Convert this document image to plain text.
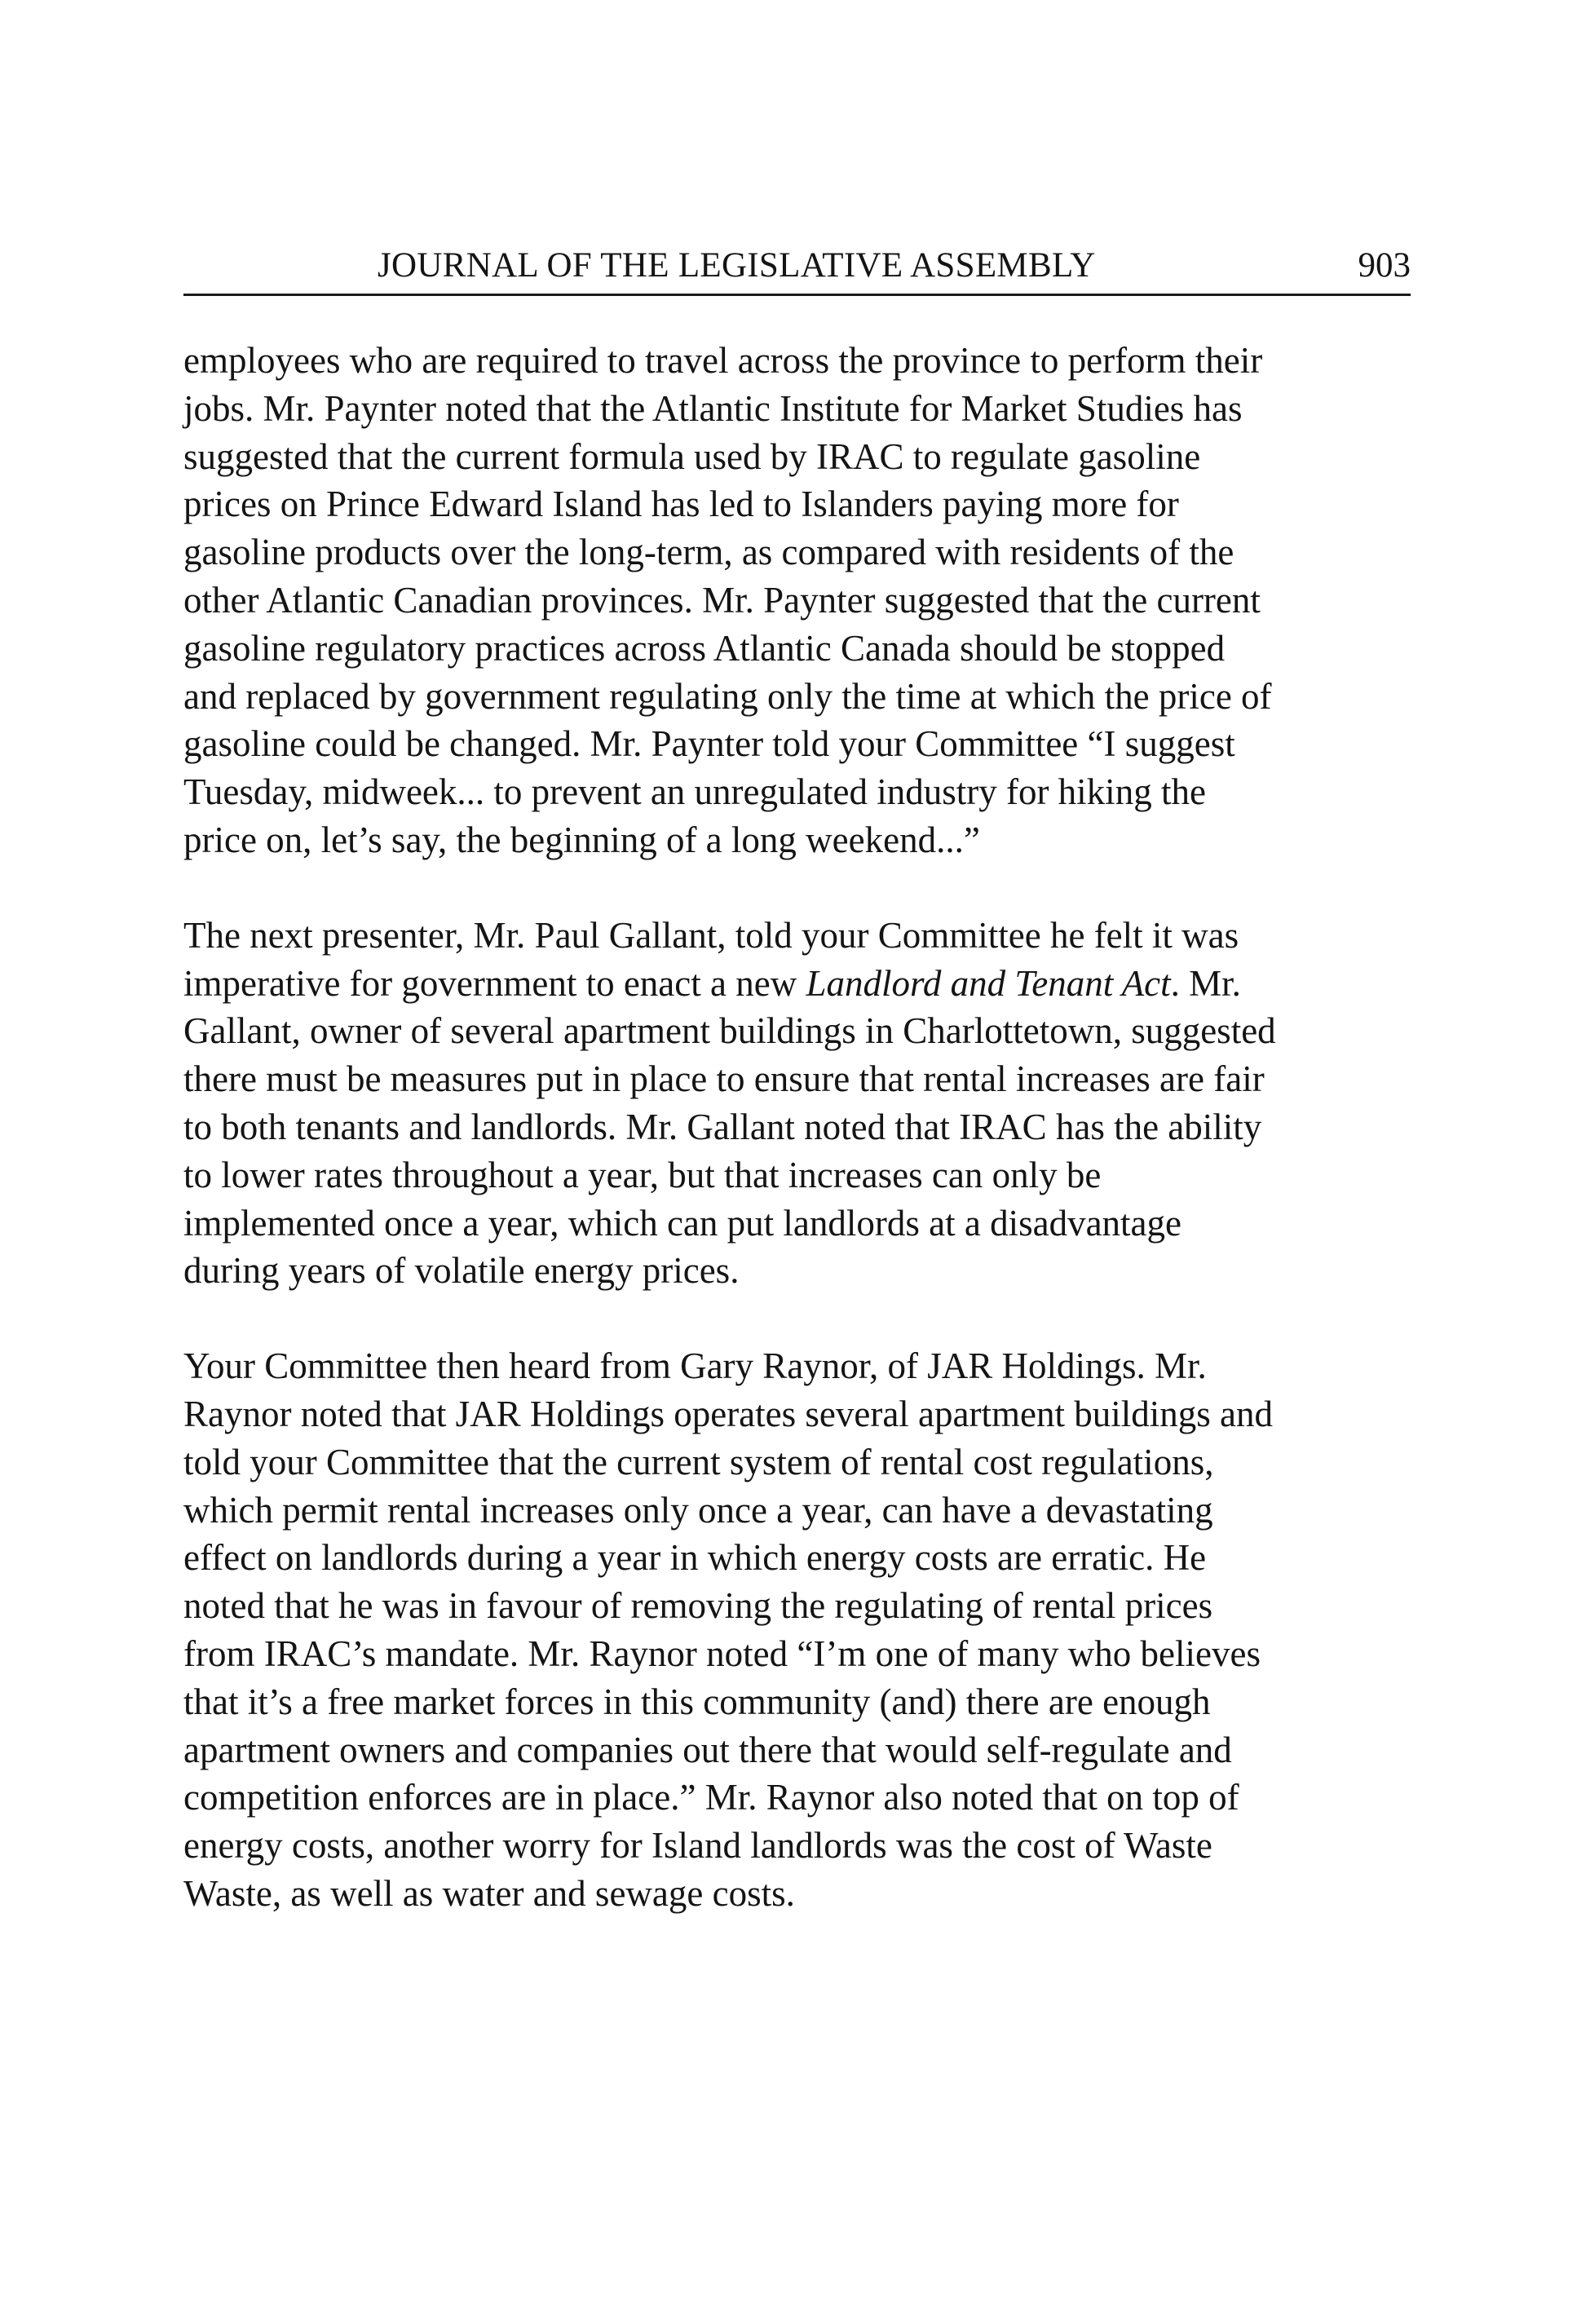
JOURNAL OF THE LEGISLATIVE ASSEMBLY	903

employees who are required to travel across the province to perform their
jobs. Mr. Paynter noted that the Atlantic Institute for Market Studies has
suggested that the current formula used by IRAC to regulate gasoline
prices on Prince Edward Island has led to Islanders paying more for
gasoline products over the long-term, as compared with residents of the
other Atlantic Canadian provinces. Mr. Paynter suggested that the current
gasoline regulatory practices across Atlantic Canada should be stopped
and replaced by government regulating only the time at which the price of
gasoline could be changed. Mr. Paynter told your Committee “I suggest
Tuesday, midweek... to prevent an unregulated industry for hiking the
price on, let’s say, the beginning of a long weekend...”

The next presenter, Mr. Paul Gallant, told your Committee he felt it was
imperative for government to enact a new Landlord and Tenant Act. Mr.
Gallant, owner of several apartment buildings in Charlottetown, suggested
there must be measures put in place to ensure that rental increases are fair
to both tenants and landlords. Mr. Gallant noted that IRAC has the ability
to lower rates throughout a year, but that increases can only be
implemented once a year, which can put landlords at a disadvantage
during years of volatile energy prices.

Your Committee then heard from Gary Raynor, of JAR Holdings. Mr.
Raynor noted that JAR Holdings operates several apartment buildings and
told your Committee that the current system of rental cost regulations,
which permit rental increases only once a year, can have a devastating
effect on landlords during a year in which energy costs are erratic. He
noted that he was in favour of removing the regulating of rental prices
from IRAC’s mandate. Mr. Raynor noted “I’m one of many who believes
that it’s a free market forces in this community (and) there are enough
apartment owners and companies out there that would self-regulate and
competition enforces are in place.” Mr. Raynor also noted that on top of
energy costs, another worry for Island landlords was the cost of Waste
Waste, as well as water and sewage costs.
